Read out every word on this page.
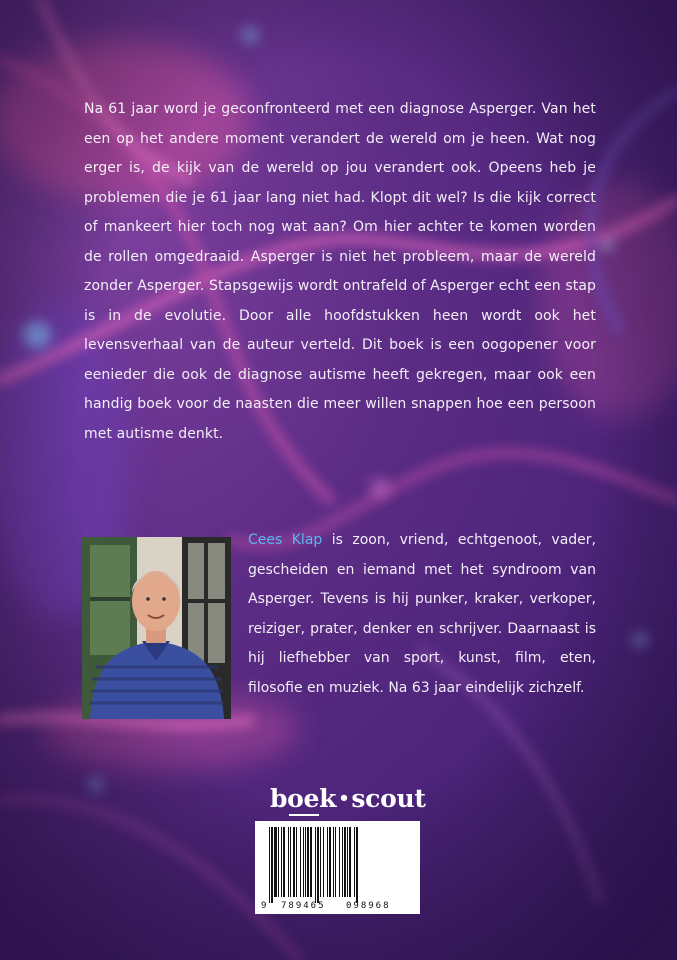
Na 61 jaar word je geconfronteerd met een diagnose Asperger. Van het een op het andere moment verandert de wereld om je heen. Wat nog erger is, de kijk van de wereld op jou verandert ook. Opeens heb je problemen die je 61 jaar lang niet had. Klopt dit wel? Is die kijk correct of mankeert hier toch nog wat aan? Om hier achter te komen worden de rollen omgedraaid. Asperger is niet het probleem, maar de wereld zonder Asperger. Stapsgewijs wordt ontrafeld of Asperger echt een stap is in de evolutie. Door alle hoofdstukken heen wordt ook het levensverhaal van de auteur verteld. Dit boek is een oogopener voor eenieder die ook de diagnose autisme heeft gekregen, maar ook een handig boek voor de naasten die meer willen snappen hoe een persoon met autisme denkt.

Cees Klap is zoon, vriend, echtgenoot, vader, gescheiden en iemand met het syndroom van Asperger. Tevens is hij punker, kraker, verkoper, reiziger, prater, denker en schrijver. Daarnaast is hij liefhebber van sport, kunst, film, eten, filosofie en muziek. Na 63 jaar eindelijk zichzelf.

boek •scout
9 789465 098968
